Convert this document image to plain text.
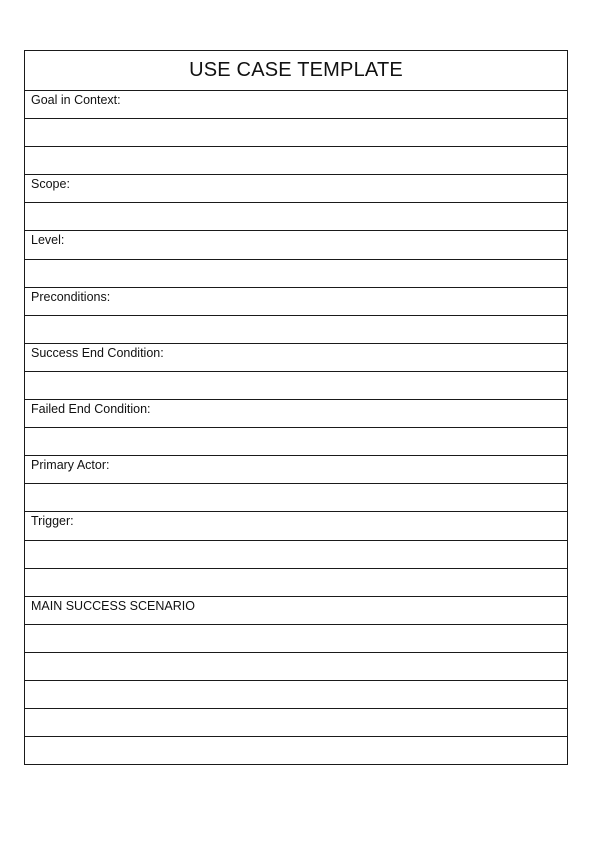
USE CASE TEMPLATE
Goal in Context:
Scope:
Level:
Preconditions:
Success End Condition:
Failed End Condition:
Primary Actor:
Trigger:
MAIN SUCCESS SCENARIO
